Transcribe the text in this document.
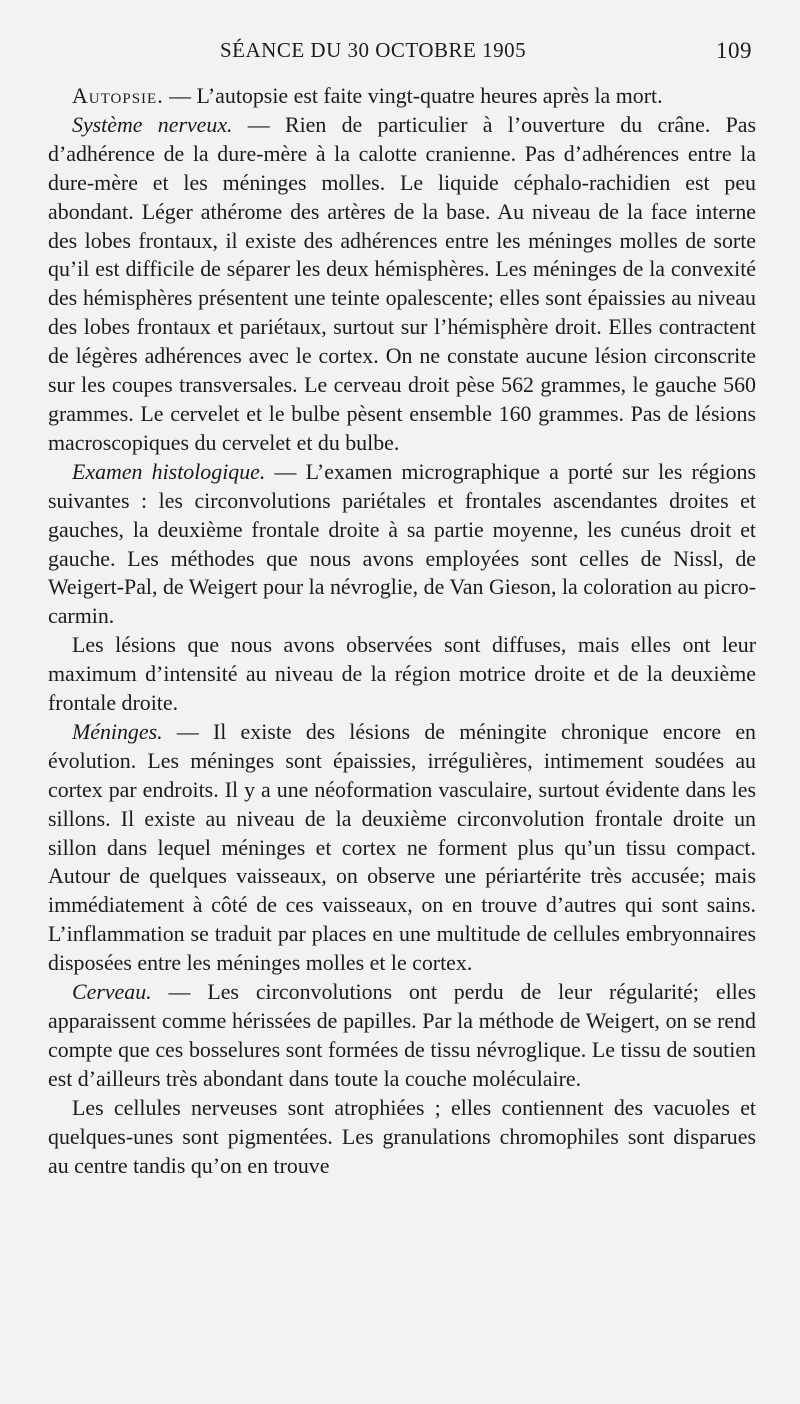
SÉANCE DU 30 OCTOBRE 1905	109

Autopsie. — L’autopsie est faite vingt-quatre heures après la mort.

Système nerveux. — Rien de particulier à l’ouverture du crâne. Pas d’adhérence de la dure-mère à la calotte cranienne. Pas d’adhérences entre la dure-mère et les méninges molles. Le liquide céphalo-rachidien est peu abondant. Léger athérome des artères de la base. Au niveau de la face interne des lobes frontaux, il existe des adhérences entre les méninges molles de sorte qu’il est difficile de séparer les deux hémisphères. Les méninges de la convexité des hémisphères présentent une teinte opalescente; elles sont épaissies au niveau des lobes frontaux et pariétaux, surtout sur l’hémisphère droit. Elles contractent de légères adhérences avec le cortex. On ne constate aucune lésion circonscrite sur les coupes transversales. Le cerveau droit pèse 562 grammes, le gauche 560 grammes. Le cervelet et le bulbe pèsent ensemble 160 grammes. Pas de lésions macroscopiques du cervelet et du bulbe.

Examen histologique. — L’examen micrographique a porté sur les régions suivantes : les circonvolutions pariétales et frontales ascendantes droites et gauches, la deuxième frontale droite à sa partie moyenne, les cunéus droit et gauche. Les méthodes que nous avons employées sont celles de Nissl, de Weigert-Pal, de Weigert pour la névroglie, de Van Gieson, la coloration au picro-carmin.

Les lésions que nous avons observées sont diffuses, mais elles ont leur maximum d’intensité au niveau de la région motrice droite et de la deuxième frontale droite.

Méninges. — Il existe des lésions de méningite chronique encore en évolution. Les méninges sont épaissies, irrégulières, intimement soudées au cortex par endroits. Il y a une néoformation vasculaire, surtout évidente dans les sillons. Il existe au niveau de la deuxième circonvolution frontale droite un sillon dans lequel méninges et cortex ne forment plus qu’un tissu compact. Autour de quelques vaisseaux, on observe une périartérite très accusée; mais immédiatement à côté de ces vaisseaux, on en trouve d’autres qui sont sains. L’inflammation se traduit par places en une multitude de cellules embryonnaires disposées entre les méninges molles et le cortex.

Cerveau. — Les circonvolutions ont perdu de leur régularité; elles apparaissent comme hérissées de papilles. Par la méthode de Weigert, on se rend compte que ces bosselures sont formées de tissu névroglique. Le tissu de soutien est d’ailleurs très abondant dans toute la couche moléculaire.

Les cellules nerveuses sont atrophiées ; elles contiennent des vacuoles et quelques-unes sont pigmentées. Les granulations chromophiles sont disparues au centre tandis qu’on en trouve
